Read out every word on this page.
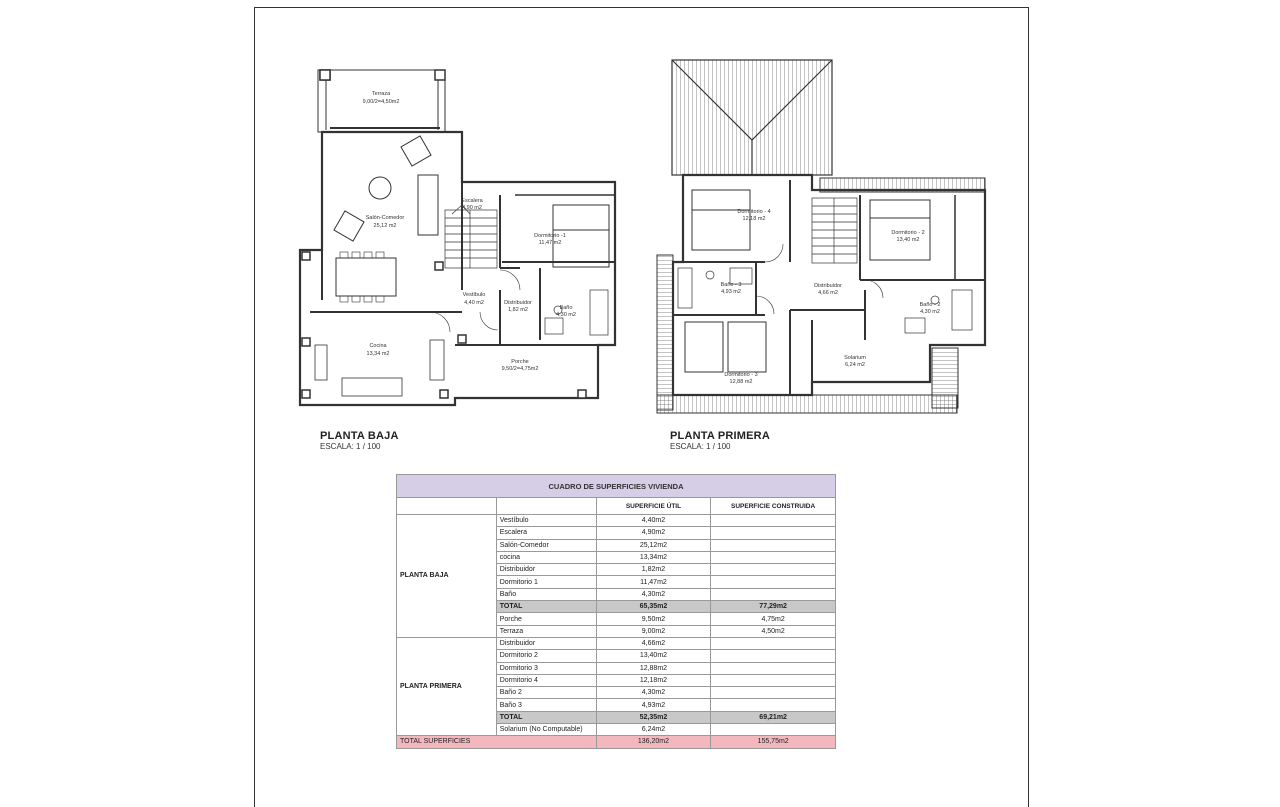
Terraza
9,00/2=4,50m2
Salón-Comedor
25,12 m2
Escalera
4,90 m2
Dormitorio -1
11,47 m2
Vestíbulo
4,40 m2	Distribuidor
1,82 m2	Baño
4,30 m2
Cocina
13,34 m2
Porche
9,50/2=4,75m2
Dormitorio - 4
12,18 m2
Dormitorio - 2
13,40 m2
Baño - 3
4,93 m2
Distribuidor
4,66 m2
Baño - 2
4,30 m2
Dormitorio - 3
12,88 m2
Solarium
6,24 m2
PLANTA BAJA
ESCALA: 1 / 100
PLANTA PRIMERA
ESCALA: 1 / 100
CUADRO DE SUPERFICIES VIVIENDA			
		SUPERFICIE ÚTIL	SUPERFICIE CONSTRUIDA
PLANTA BAJA	Vestíbulo	4,40m2	
	Escalera	4,90m2	
	Salón-Comedor	25,12m2	
	cocina	13,34m2	
	Distribuidor	1,82m2	
	Dormitorio 1	11,47m2	
	Baño	4,30m2	
	TOTAL	65,35m2	77,29m2
	Porche	9,50m2	4,75m2
	Terraza	9,00m2	4,50m2
PLANTA PRIMERA	Distribuidor	4,66m2	
	Dormitorio 2	13,40m2	
	Dormitorio 3	12,88m2	
	Dormitorio 4	12,18m2	
	Baño 2	4,30m2	
	Baño 3	4,93m2	
	TOTAL	52,35m2	69,21m2
	Solarium (No Computable)	6,24m2	
TOTAL SUPERFICIES		136,20m2	155,75m2
